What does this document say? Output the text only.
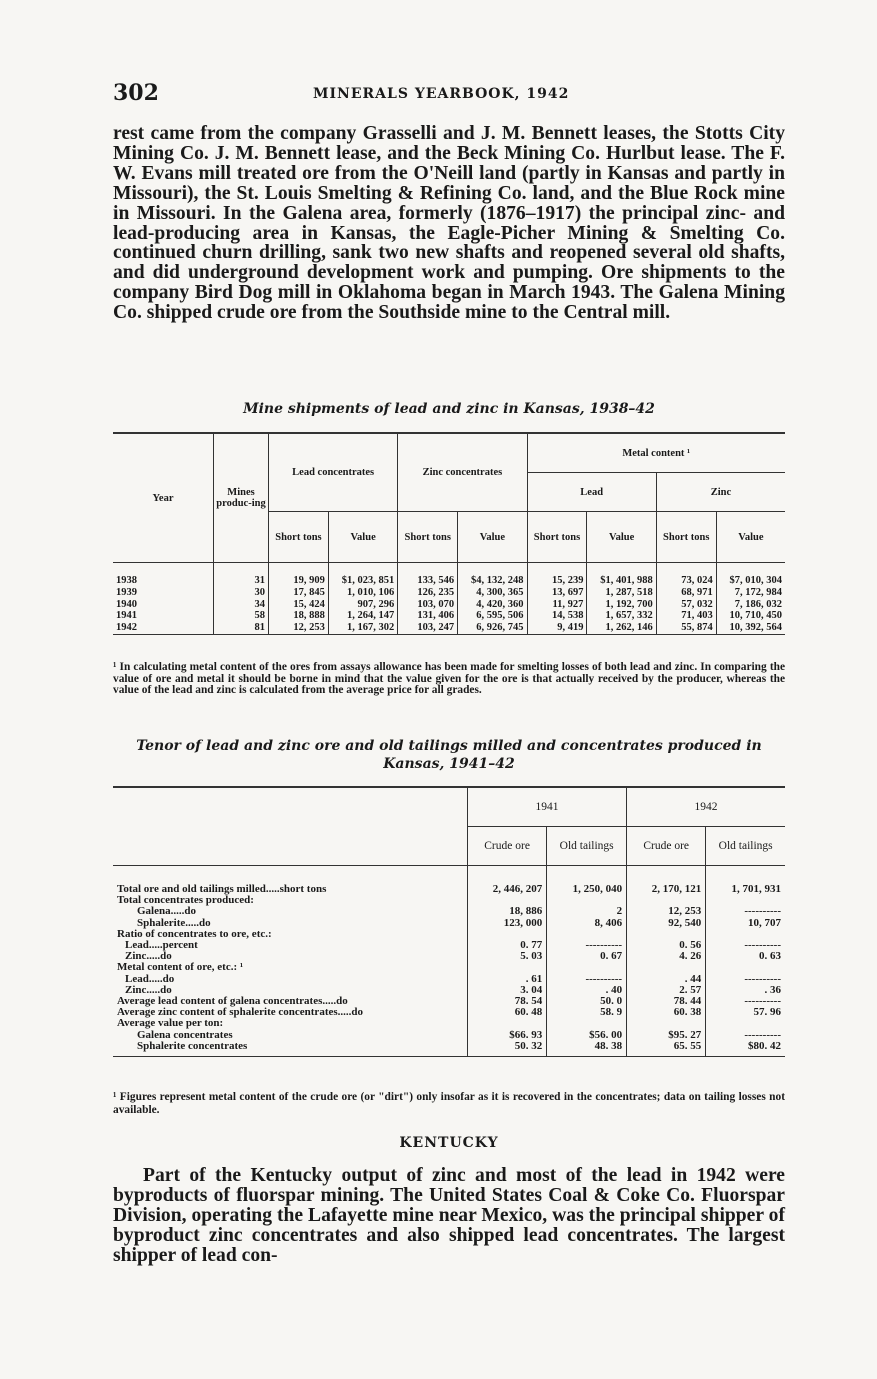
302	MINERALS YEARBOOK, 1942

rest came from the company Grasselli and J. M. Bennett leases, the Stotts City Mining Co. J. M. Bennett lease, and the Beck Mining Co. Hurlbut lease. The F. W. Evans mill treated ore from the O'Neill land (partly in Kansas and partly in Missouri), the St. Louis Smelting & Refining Co. land, and the Blue Rock mine in Missouri. In the Galena area, formerly (1876–1917) the principal zinc- and lead-producing area in Kansas, the Eagle-Picher Mining & Smelting Co. continued churn drilling, sank two new shafts and reopened several old shafts, and did underground development work and pumping. Ore shipments to the company Bird Dog mill in Oklahoma began in March 1943. The Galena Mining Co. shipped crude ore from the Southside mine to the Central mill.

Mine shipments of lead and zinc in Kansas, 1938–42
Year	Mines produc-ing	Lead concentrates		Zinc concentrates		Metal content ¹			
						Lead		Zinc	
		Short tons	Value	Short tons	Value	Short tons	Value	Short tons	Value

1938	31	19, 909	$1, 023, 851	133, 546	$4, 132, 248	15, 239	$1, 401, 988	73, 024	$7, 010, 304
1939	30	17, 845	1, 010, 106	126, 235	4, 300, 365	13, 697	1, 287, 518	68, 971	7, 172, 984
1940	34	15, 424	907, 296	103, 070	4, 420, 360	11, 927	1, 192, 700	57, 032	7, 186, 032
1941	58	18, 888	1, 264, 147	131, 406	6, 595, 506	14, 538	1, 657, 332	71, 403	10, 710, 450
1942	81	12, 253	1, 167, 302	103, 247	6, 926, 745	9, 419	1, 262, 146	55, 874	10, 392, 564
¹ In calculating metal content of the ores from assays allowance has been made for smelting losses of both lead and zinc. In comparing the value of ore and metal it should be borne in mind that the value given for the ore is that actually received by the producer, whereas the value of the lead and zinc is calculated from the average price for all grades.
Tenor of lead and zinc ore and old tailings milled and concentrates produced in Kansas, 1941–42
	1941		1942	
	Crude ore	Old tailings	Crude ore	Old tailings

Total ore and old tailings milled.....short tons	2, 446, 207	1, 250, 040	2, 170, 121	1, 701, 931
Total concentrates produced:				
Galena.....do	18, 886	2	12, 253	----------
Sphalerite.....do	123, 000	8, 406	92, 540	10, 707
Ratio of concentrates to ore, etc.:				
Lead.....percent	0. 77	----------	0. 56	----------
Zinc.....do	5. 03	0. 67	4. 26	0. 63
Metal content of ore, etc.: ¹				
Lead.....do	. 61	----------	. 44	----------
Zinc.....do	3. 04	. 40	2. 57	. 36
Average lead content of galena concentrates.....do	78. 54	50. 0	78. 44	----------
Average zinc content of sphalerite concentrates.....do	60. 48	58. 9	60. 38	57. 96
Average value per ton:				
Galena concentrates	$66. 93	$56. 00	$95. 27	----------
Sphalerite concentrates	50. 32	48. 38	65. 55	$80. 42
¹ Figures represent metal content of the crude ore (or "dirt") only insofar as it is recovered in the concentrates; data on tailing losses not available.
KENTUCKY

Part of the Kentucky output of zinc and most of the lead in 1942 were byproducts of fluorspar mining. The United States Coal & Coke Co. Fluorspar Division, operating the Lafayette mine near Mexico, was the principal shipper of byproduct zinc concentrates and also shipped lead concentrates. The largest shipper of lead con-
